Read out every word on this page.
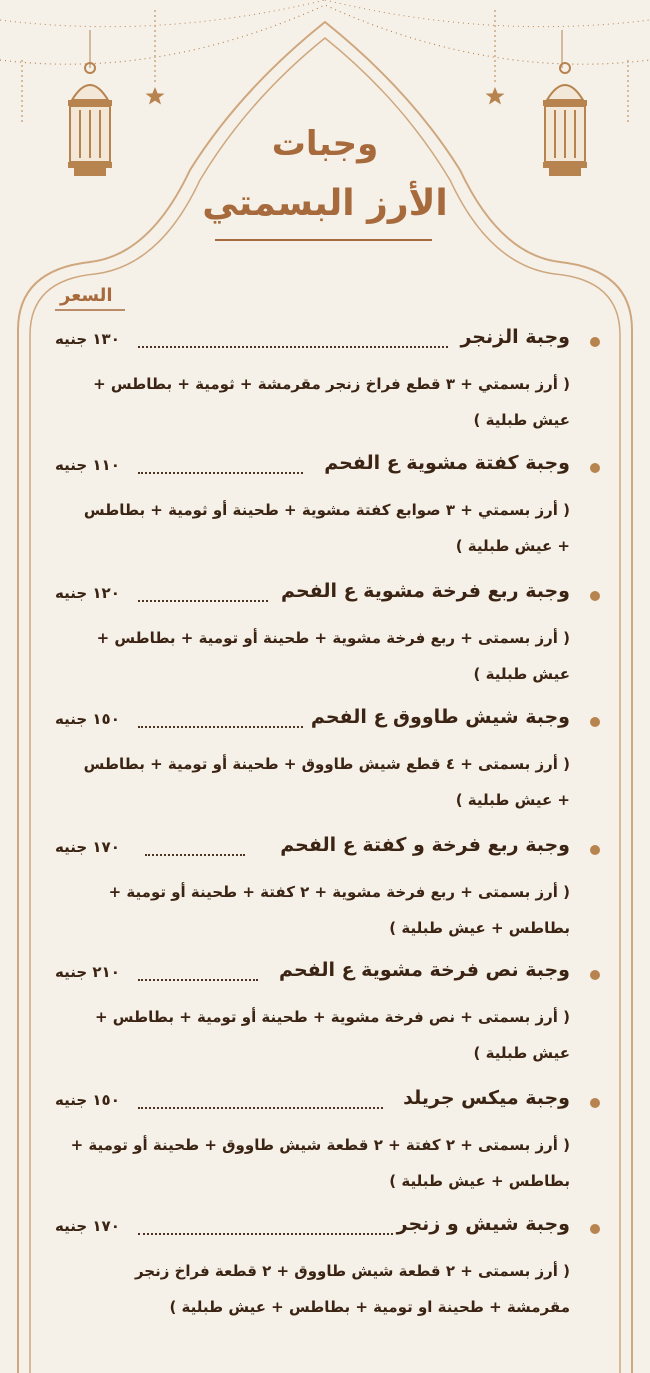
وجبات
الأرز البسمتي
السعر
١٣٠ جنيه	وجبة الزنجر
( أرز بسمتي + ٣ قطع فراخ زنجر مقرمشة + ثومية + بطاطس + عيش طبلية )
١١٠ جنيه	وجبة كفتة مشوية ع الفحم
( أرز بسمتي + ٣ صوابع كفتة مشوية + طحينة أو ثومية + بطاطس + عيش طبلية )
١٢٠ جنيه	وجبة ربع فرخة مشوية ع الفحم
( أرز بسمتى + ربع فرخة مشوية + طحينة أو تومية + بطاطس + عيش طبلية )
١٥٠ جنيه	وجبة شيش طاووق ع الفحم
( أرز بسمتى + ٤ قطع شيش طاووق + طحينة أو تومية + بطاطس + عيش طبلية )
١٧٠ جنيه	وجبة ربع فرخة و كفتة ع الفحم
( أرز بسمتى + ربع فرخة مشوية + ٢ كفتة + طحينة أو تومية + بطاطس + عيش طبلية )
٢١٠ جنيه	وجبة نص فرخة مشوية ع الفحم
( أرز بسمتى + نص فرخة مشوية + طحينة أو تومية + بطاطس + عيش طبلية )
١٥٠ جنيه	وجبة ميكس جريلد
( أرز بسمتى + ٢ كفتة + ٢ قطعة شيش طاووق + طحينة أو تومية + بطاطس + عيش طبلية )
١٧٠ جنيه	وجبة شيش و زنجر
( أرز بسمتى + ٢ قطعة شيش طاووق + ٢ قطعة فراخ زنجر مقرمشة + طحينة او تومية + بطاطس + عيش طبلية )
